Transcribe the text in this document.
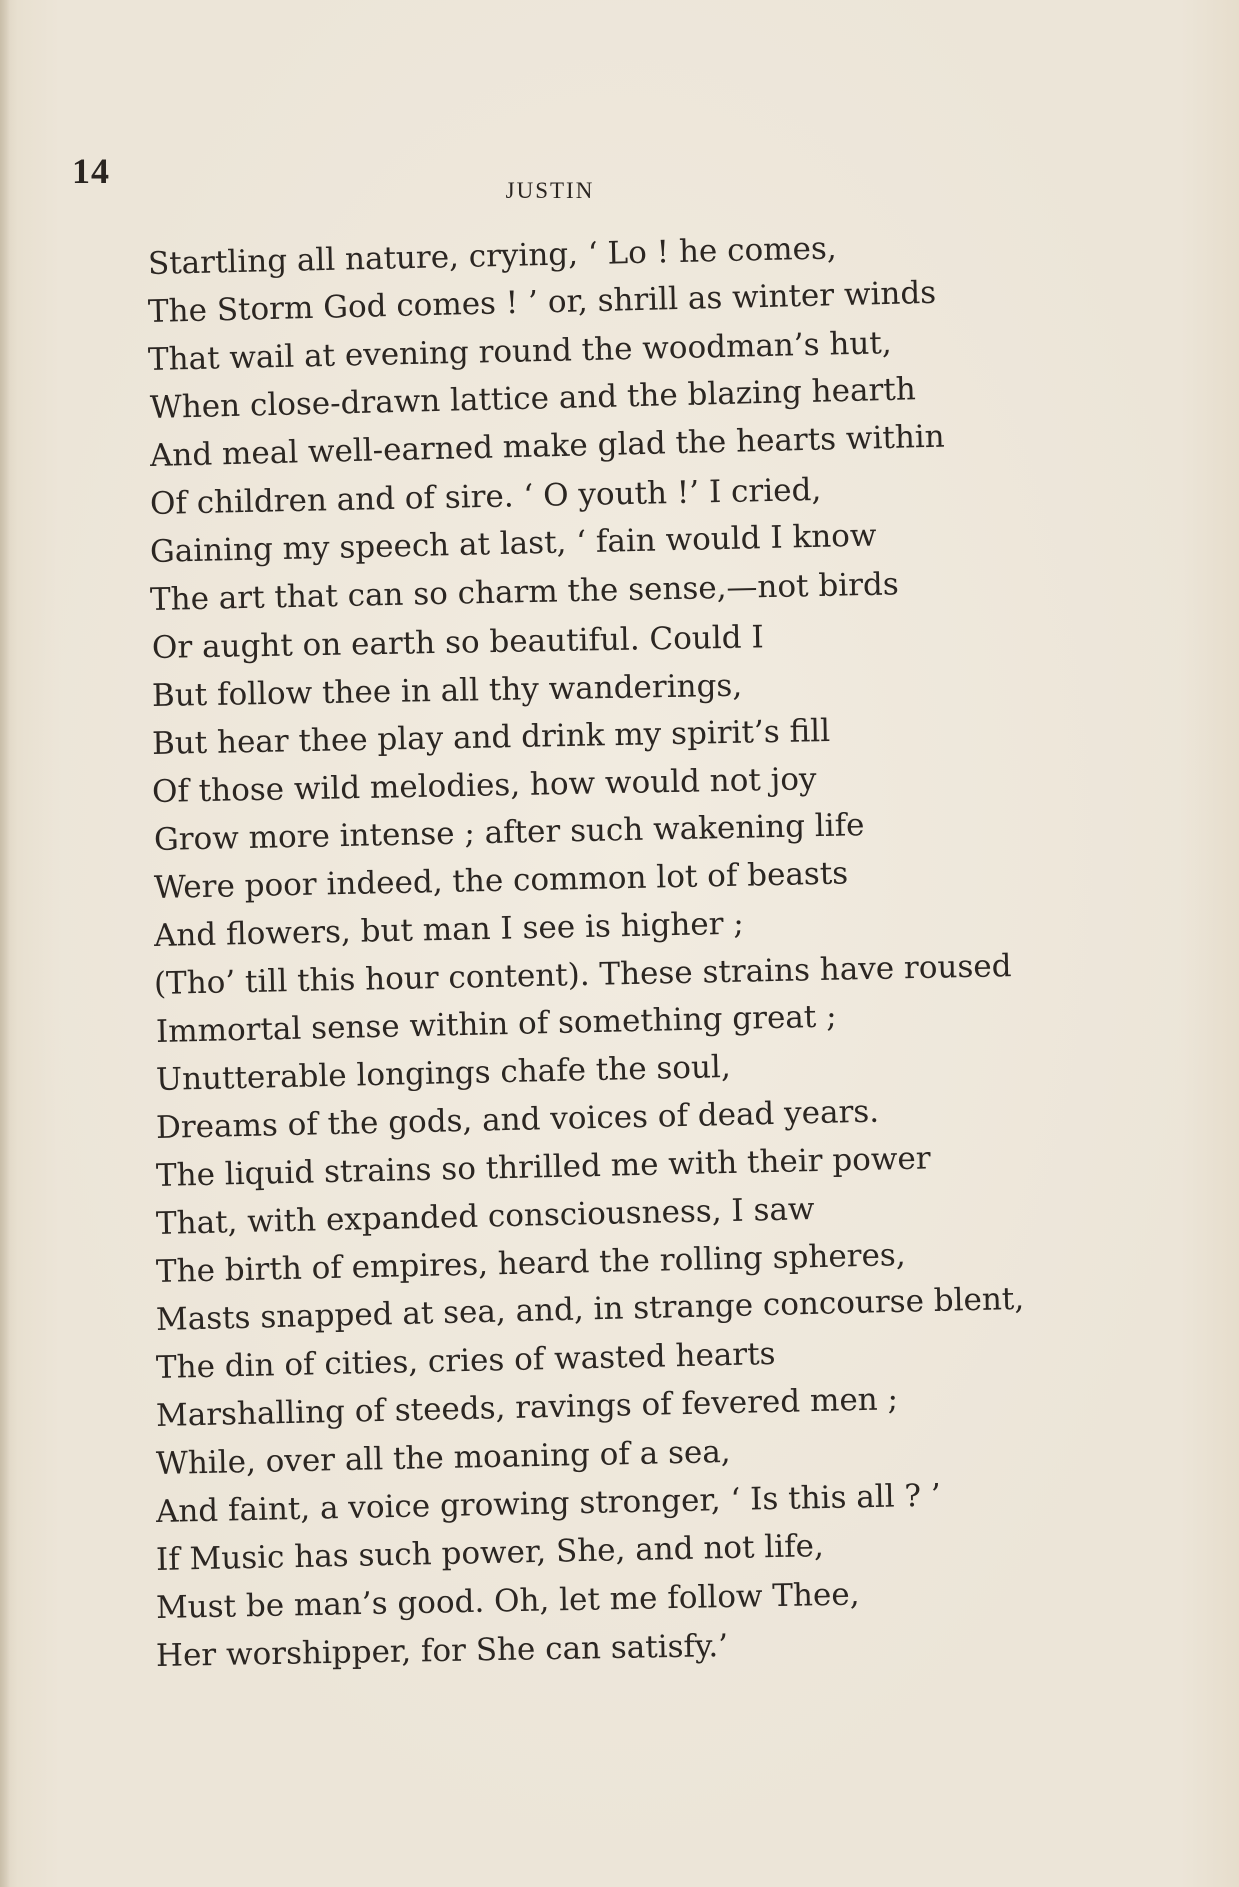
14	JUSTIN
Startling all nature, crying, ‘ Lo ! he comes,
The Storm God comes ! ’ or, shrill as winter winds
That wail at evening round the woodman’s hut,
When close-drawn lattice and the blazing hearth
And meal well-earned make glad the hearts within
Of children and of sire. ‘ O youth !’ I cried,
Gaining my speech at last, ‘ fain would I know
The art that can so charm the sense,—not birds
Or aught on earth so beautiful. Could I
But follow thee in all thy wanderings,
But hear thee play and drink my spirit’s fill
Of those wild melodies, how would not joy
Grow more intense ; after such wakening life
Were poor indeed, the common lot of beasts
And flowers, but man I see is higher ;
(Tho’ till this hour content). These strains have roused
Immortal sense within of something great ;
Unutterable longings chafe the soul,
Dreams of the gods, and voices of dead years.
The liquid strains so thrilled me with their power
That, with expanded consciousness, I saw
The birth of empires, heard the rolling spheres,
Masts snapped at sea, and, in strange concourse blent,
The din of cities, cries of wasted hearts
Marshalling of steeds, ravings of fevered men ;
While, over all the moaning of a sea,
And faint, a voice growing stronger, ‘ Is this all ? ’
If Music has such power, She, and not life,
Must be man’s good. Oh, let me follow Thee,
Her worshipper, for She can satisfy.’
